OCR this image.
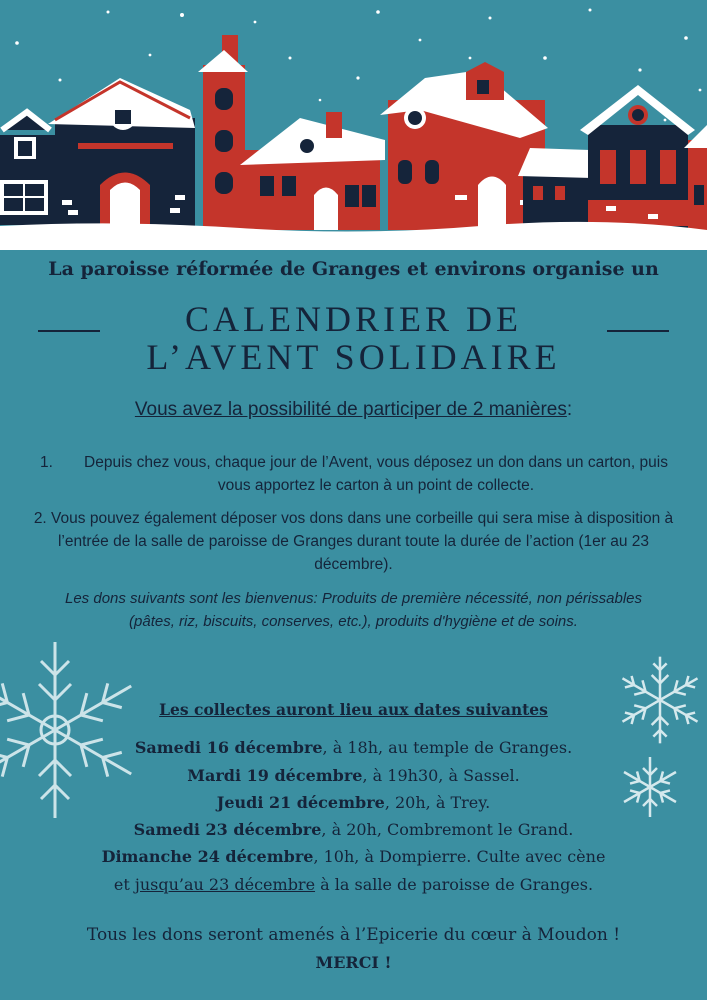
La paroisse réformée de Granges et environs organise un
CALENDRIER DE
L’AVENT SOLIDAIRE
Vous avez la possibilité de participer de 2 manières:
1.	Depuis chez vous, chaque jour de l’Avent, vous déposez un don dans un carton, puis vous apportez le carton à un point de collecte.
2. Vous pouvez également déposer vos dons dans une corbeille qui sera mise à disposition à l’entrée de la salle de paroisse de Granges durant toute la durée de l’action (1er au 23 décembre).
Les dons suivants sont les bienvenus: Produits de première nécessité, non périssables (pâtes, riz, biscuits, conserves, etc.), produits d'hygiène et de soins.
Les collectes auront lieu aux dates suivantes
Samedi 16 décembre, à 18h, au temple de Granges.
Mardi 19 décembre, à 19h30, à Sassel.
Jeudi 21 décembre, 20h, à Trey.
Samedi 23 décembre, à 20h, Combremont le Grand.
Dimanche 24 décembre, 10h, à Dompierre. Culte avec cène
et jusqu’au 23 décembre à la salle de paroisse de Granges.
Tous les dons seront amenés à l’Epicerie du cœur à Moudon !
MERCI !
